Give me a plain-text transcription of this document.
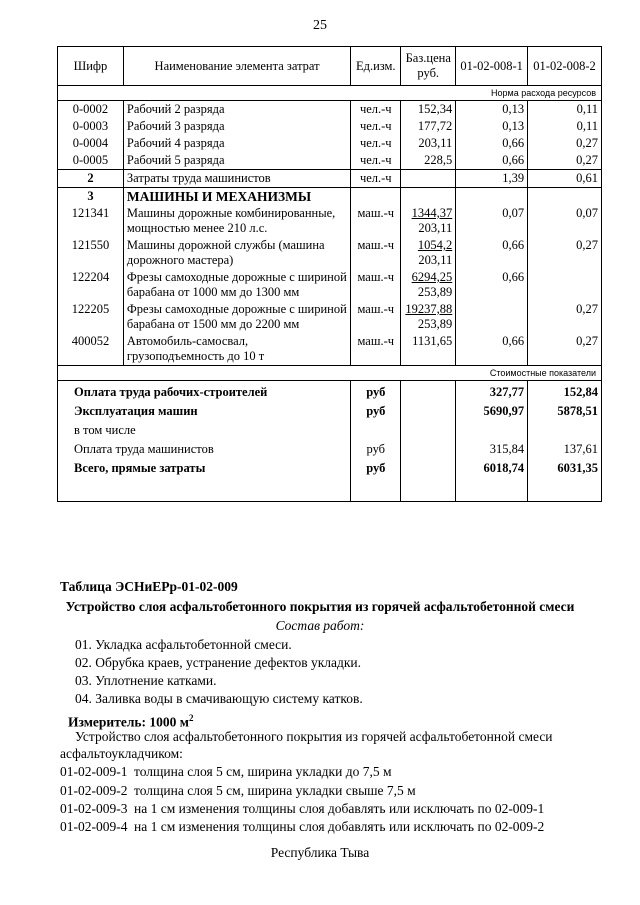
25
Шифр	Наименование элемента затрат	Ед.изм.	Баз.цена
руб.	01-02-008-1	01-02-008-2
Норма расхода ресурсов					
0-0002	Рабочий 2 разряда	чел.-ч	152,34	0,13	0,11
0-0003	Рабочий 3 разряда	чел.-ч	177,72	0,13	0,11
0-0004	Рабочий 4 разряда	чел.-ч	203,11	0,66	0,27
0-0005	Рабочий 5 разряда	чел.-ч	228,5	0,66	0,27
2	Затраты труда машинистов	чел.-ч		1,39	0,61
3	МАШИНЫ И МЕХАНИЗМЫ				
121341	Машины дорожные комбинированные, мощностью менее 210 л.с.	маш.-ч	1344,37
203,11	0,07	0,07
121550	Машины дорожной службы (машина дорожного мастера)	маш.-ч	1054,2
203,11	0,66	0,27
122204	Фрезы самоходные дорожные с шириной барабана от 1000 мм до 1300 мм	маш.-ч	6294,25
253,89	0,66	
122205	Фрезы самоходные дорожные с шириной барабана от 1500 мм до 2200 мм	маш.-ч	19237,88
253,89		0,27
400052	Автомобиль-самосвал, грузоподъемность до 10 т	маш.-ч	1131,65	0,66	0,27
Стоимостные показатели					
Оплата труда рабочих-строителей		руб		327,77	152,84
Эксплуатация машин		руб		5690,97	5878,51
в том числе					
Оплата труда машинистов		руб		315,84	137,61
Всего, прямые затраты		руб		6018,74	6031,35

Таблица ЭСНиЕРр-01-02-009
Устройство слоя асфальтобетонного покрытия из горячей асфальтобетонной смеси
Состав работ:
01. Укладка асфальтобетонной смеси.
02. Обрубка краев, устранение дефектов укладки.
03. Уплотнение катками.
04. Заливка воды в смачивающую систему катков.
Измеритель: 1000 $м^2$
Устройство слоя асфальтобетонного покрытия из горячей асфальтобетонной смеси
асфальтоукладчиком:
01-02-009-1 толщина слоя 5 см, ширина укладки до 7,5 м
01-02-009-2 толщина слоя 5 см, ширина укладки свыше 7,5 м
01-02-009-3 на 1 см изменения толщины слоя добавлять или исключать по 02-009-1
01-02-009-4 на 1 см изменения толщины слоя добавлять или исключать по 02-009-2
Республика Тыва
